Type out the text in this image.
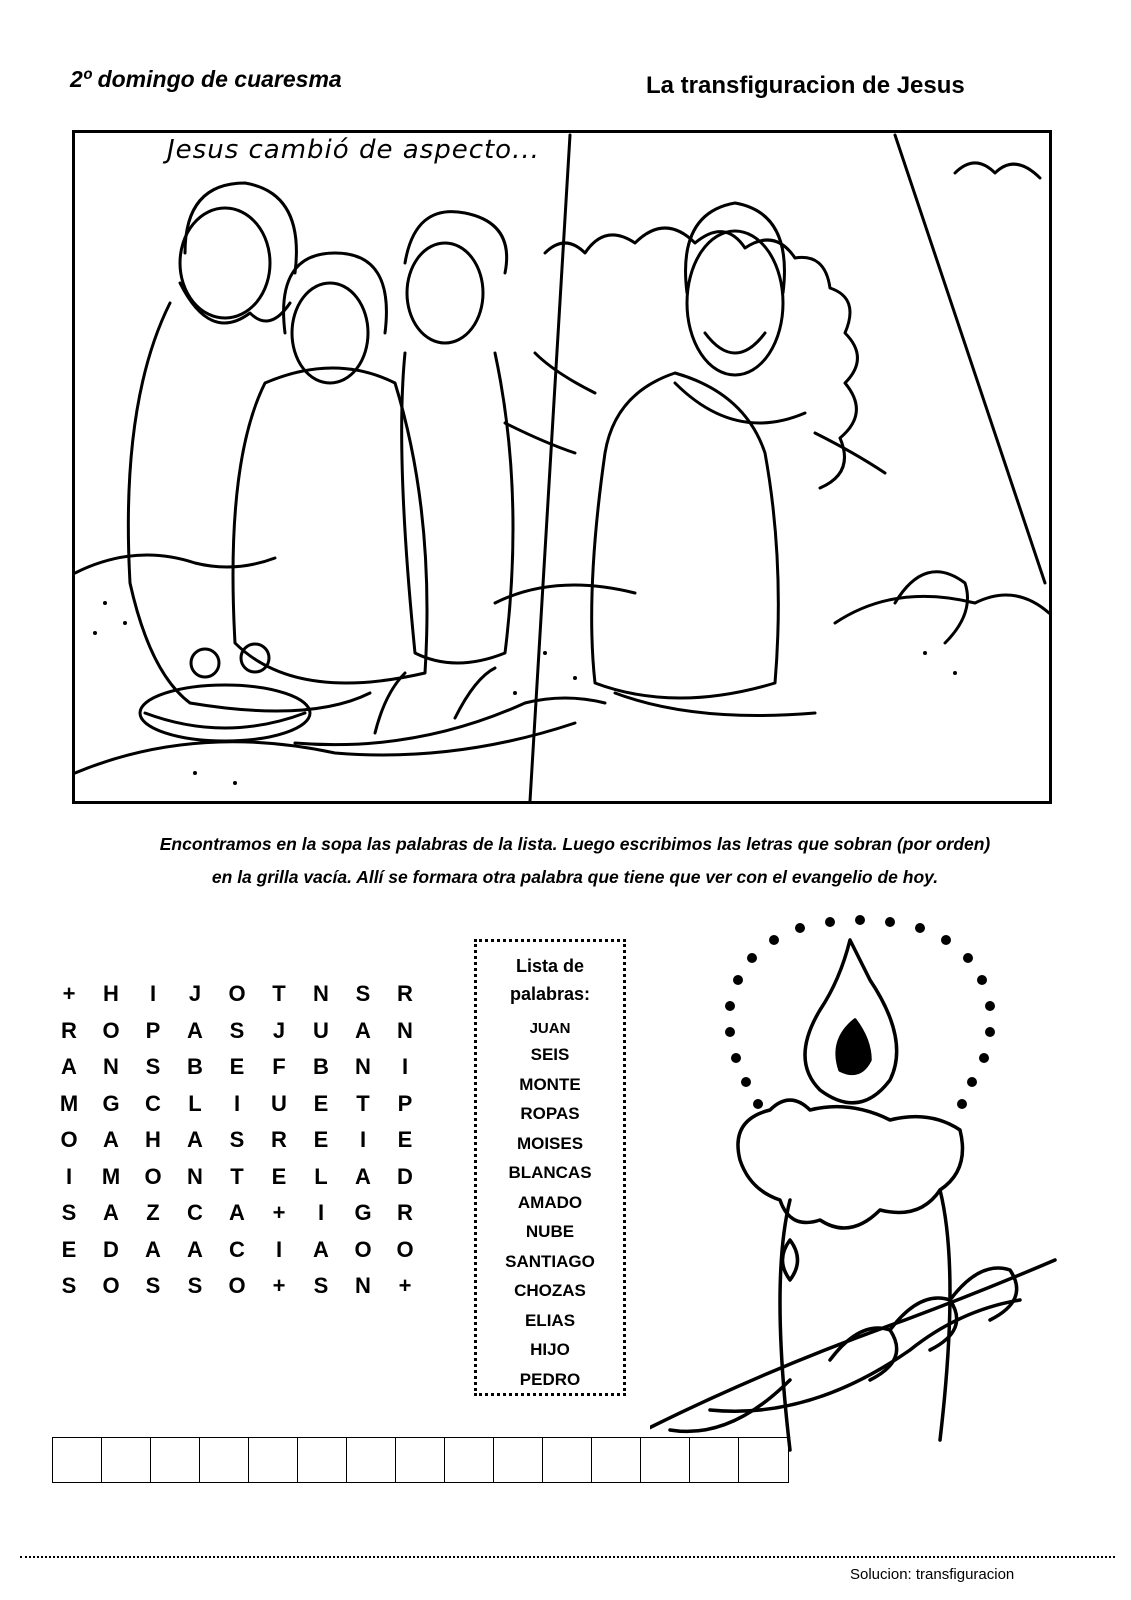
2º domingo de cuaresma	La transfiguracion de Jesus
Jesus cambió de aspecto...
Encontramos en la sopa las palabras de la lista. Luego escribimos las letras que sobran (por orden)
en la grilla vacía. Allí se formara otra palabra que tiene que ver con el evangelio de hoy.
+	H	I	J	O	T	N	S	R
R	O	P	A	S	J	U	A	N
A	N	S	B	E	F	B	N	I
M	G	C	L	I	U	E	T	P
O	A	H	A	S	R	E	I	E
I	M	O	N	T	E	L	A	D
S	A	Z	C	A	+	I	G	R
E	D	A	A	C	I	A	O	O
S	O	S	S	O	+	S	N	+
Lista de
palabras:
JUAN
SEIS
MONTE
ROPAS
MOISES
BLANCAS
AMADO
NUBE
SANTIAGO
CHOZAS
ELIAS
HIJO
PEDRO
Solucion: transfiguracion
